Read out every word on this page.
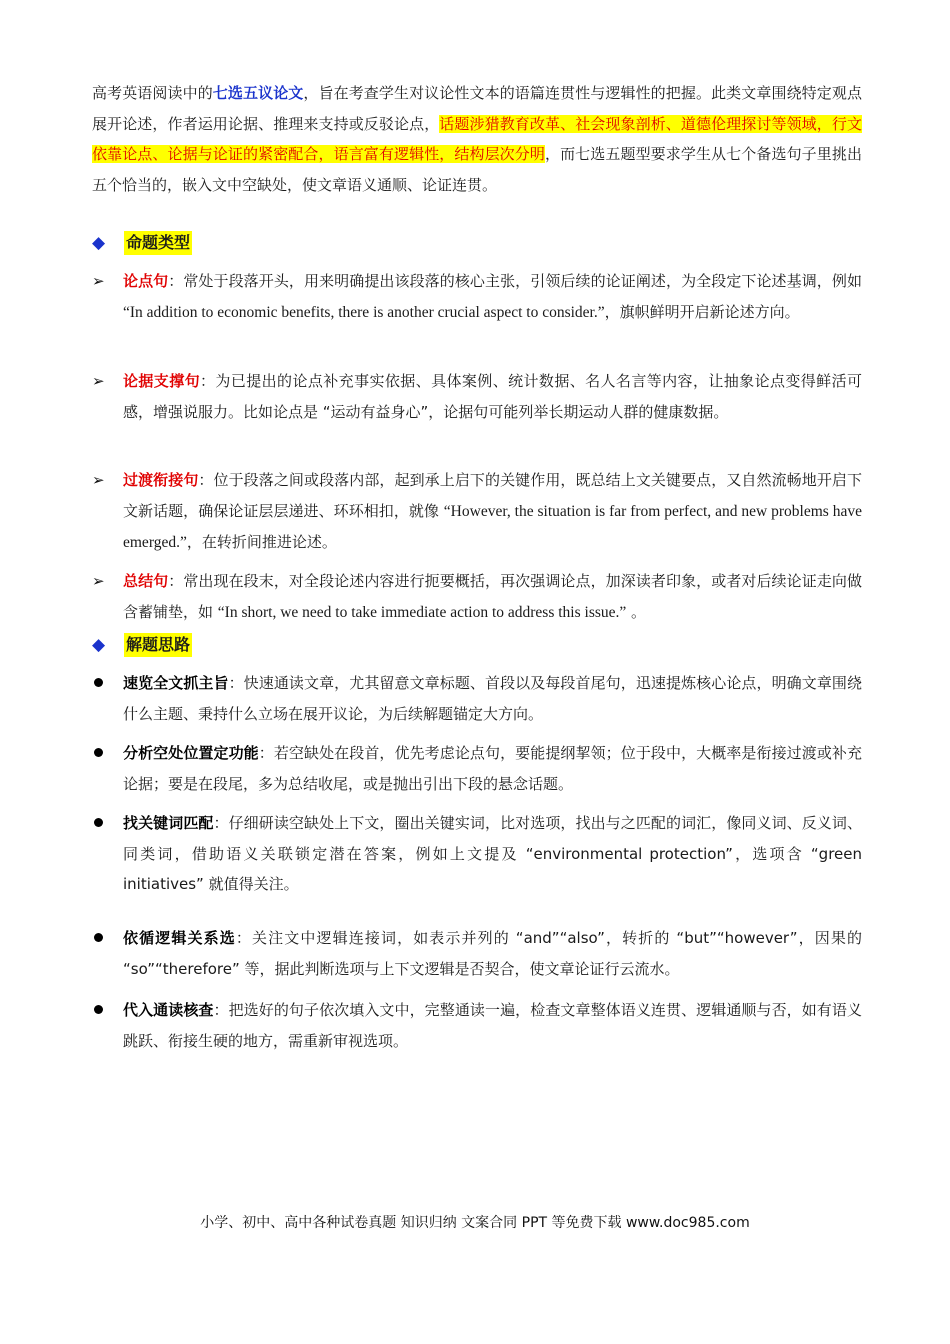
高考英语阅读中的七选五议论文，旨在考查学生对议论性文本的语篇连贯性与逻辑性的把握。此类文章围绕特定观点展开论述，作者运用论据、推理来支持或反驳论点，话题涉猎教育改革、社会现象剖析、道德伦理探讨等领域，行文依靠论点、论据与论证的紧密配合，语言富有逻辑性，结构层次分明，而七选五题型要求学生从七个备选句子里挑出五个恰当的，嵌入文中空缺处，使文章语义通顺、论证连贯。
◆	命题类型
➢	论点句：常处于段落开头，用来明确提出该段落的核心主张，引领后续的论证阐述，为全段定下论述基调，例如 “In addition to economic benefits, there is another crucial aspect to consider.”，旗帜鲜明开启新论述方向。
➢	论据支撑句：为已提出的论点补充事实依据、具体案例、统计数据、名人名言等内容，让抽象论点变得鲜活可感，增强说服力。比如论点是 “运动有益身心”，论据句可能列举长期运动人群的健康数据。
➢	过渡衔接句：位于段落之间或段落内部，起到承上启下的关键作用，既总结上文关键要点，又自然流畅地开启下文新话题，确保论证层层递进、环环相扣，就像 “However, the situation is far from perfect, and new problems have emerged.”，在转折间推进论述。
➢	总结句：常出现在段末，对全段论述内容进行扼要概括，再次强调论点，加深读者印象，或者对后续论证走向做含蓄铺垫，如 “In short, we need to take immediate action to address this issue.” 。
◆	解题思路
速览全文抓主旨：快速通读文章，尤其留意文章标题、首段以及每段首尾句，迅速提炼核心论点，明确文章围绕什么主题、秉持什么立场在展开议论，为后续解题锚定大方向。
分析空处位置定功能：若空缺处在段首，优先考虑论点句，要能提纲挈领；位于段中，大概率是衔接过渡或补充论据；要是在段尾，多为总结收尾，或是抛出引出下段的悬念话题。
找关键词匹配：仔细研读空缺处上下文，圈出关键实词，比对选项，找出与之匹配的词汇，像同义词、反义词、同类词，借助语义关联锁定潜在答案，例如上文提及 “environmental protection”，选项含 “green initiatives” 就值得关注。
依循逻辑关系选：关注文中逻辑连接词，如表示并列的 “and”“also”，转折的 “but”“however”，因果的 “so”“therefore” 等，据此判断选项与上下文逻辑是否契合，使文章论证行云流水。
代入通读核查：把选好的句子依次填入文中，完整通读一遍，检查文章整体语义连贯、逻辑通顺与否，如有语义跳跃、衔接生硬的地方，需重新审视选项。
小学、初中、高中各种试卷真题 知识归纳 文案合同 PPT 等免费下载 www.doc985.com
